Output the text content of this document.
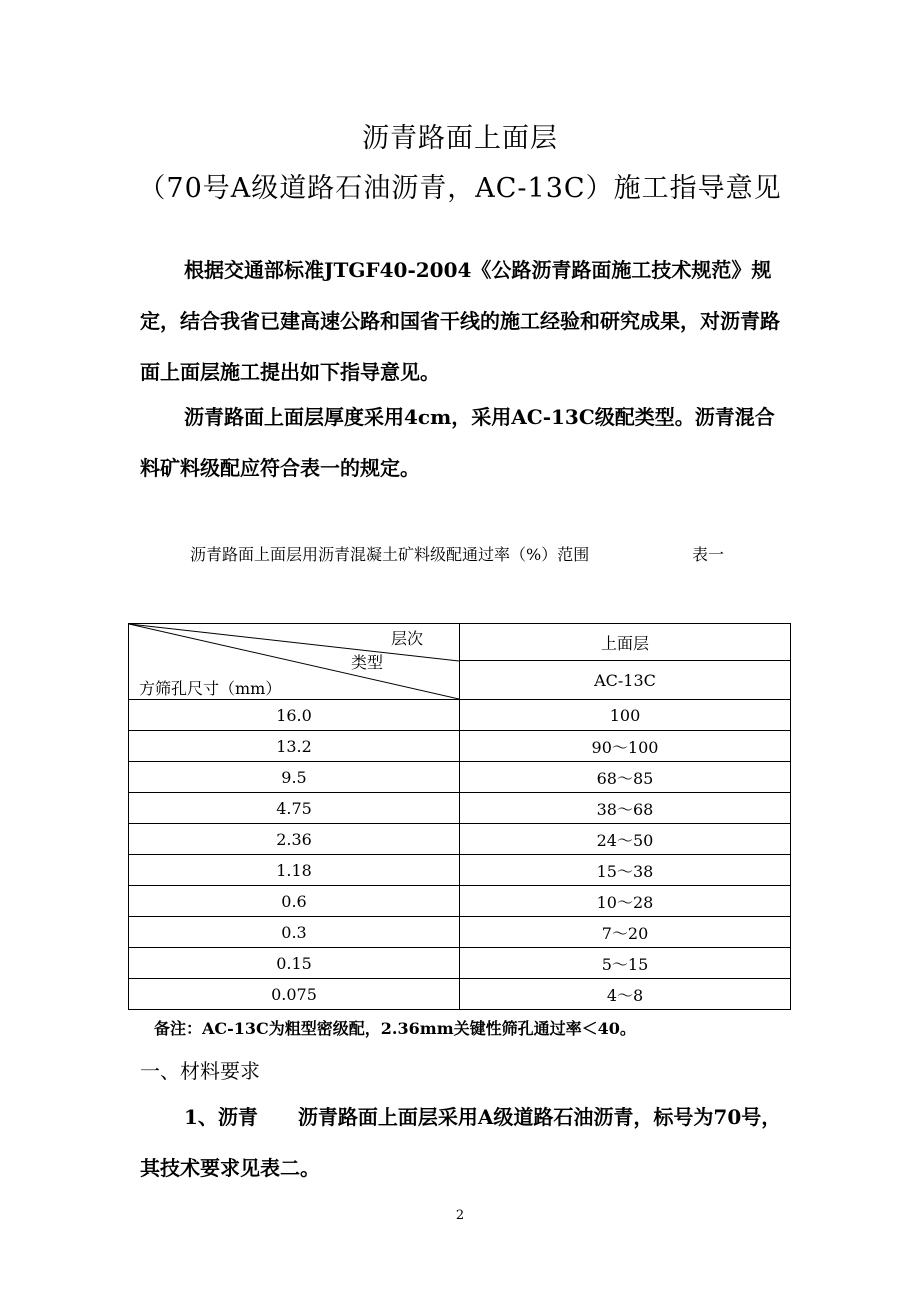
沥青路面上面层
（70号A级道路石油沥青，AC-13C）施工指导意见
根据交通部标准JTGF40-2004《公路沥青路面施工技术规范》规定，结合我省已建高速公路和国省干线的施工经验和研究成果，对沥青路面上面层施工提出如下指导意见。
沥青路面上面层厚度采用4cm，采用AC-13C级配类型。沥青混合料矿料级配应符合表一的规定。
沥青路面上面层用沥青混凝土矿料级配通过率（%）范围	表一
层次
类型
方筛孔尺寸（mm）	上面层
	AC-13C
16.0	100
13.2	90～100
9.5	68～85
4.75	38～68
2.36	24～50
1.18	15～38
0.6	10～28
0.3	7～20
0.15	5～15
0.075	4～8
备注：AC-13C为粗型密级配，2.36mm关键性筛孔通过率＜40。
一、材料要求
1、沥青　　沥青路面上面层采用A级道路石油沥青，标号为70号，其技术要求见表二。
2
